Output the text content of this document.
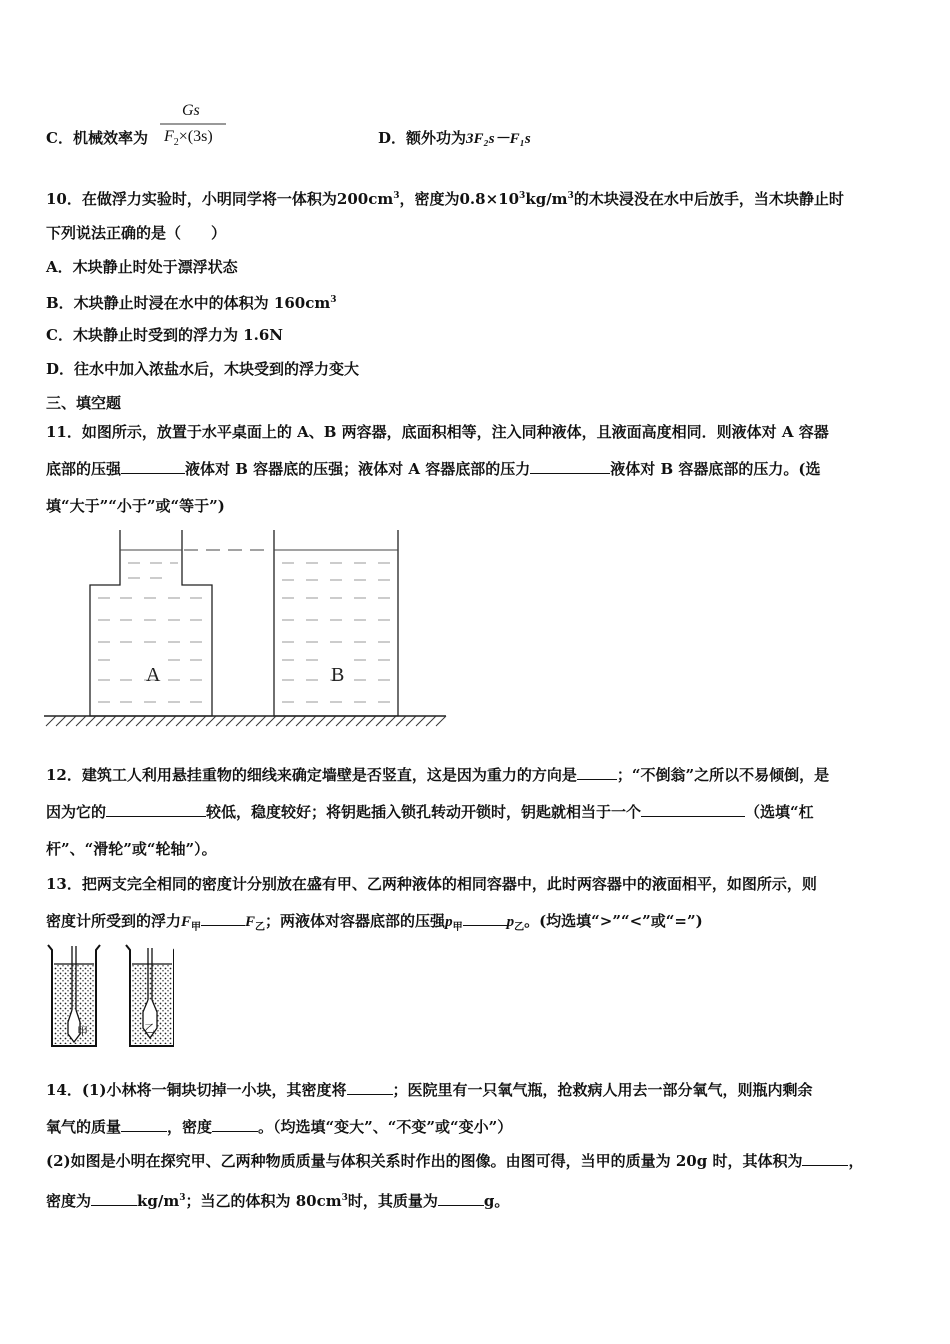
C．机械效率为
Gs
$F_2\times(3s)$	D．额外功为3F₂s－F₁s
10．在做浮力实验时，小明同学将一体积为$200cm^3$，密度为$0.8\times 10^3kg/m^3$的木块浸没在水中后放手，当木块静止时
下列说法正确的是（　　）
A．木块静止时处于漂浮状态
B．木块静止时浸在水中的体积为 $160cm^3$
C．木块静止时受到的浮力为 1.6N
D．往水中加入浓盐水后，木块受到的浮力变大
三、填空题
11．如图所示，放置于水平桌面上的 A、B 两容器，底面积相等，注入同种液体，且液面高度相同．则液体对 A 容器
底部的压强	液体对 B 容器底的压强；液体对 A 容器底部的压力	液体对 B 容器底部的压力。(选
填“大于”“小于”或“等于”)
A	B
12．建筑工人利用悬挂重物的细线来确定墙壁是否竖直，这是因为重力的方向是	；“不倒翁”之所以不易倾倒，是
因为它的	较低，稳度较好；将钥匙插入锁孔转动开锁时，钥匙就相当于一个	（选填“杠
杆”、“滑轮”或“轮轴”）。
13．把两支完全相同的密度计分别放在盛有甲、乙两种液体的相同容器中，此时两容器中的液面相平，如图所示，则
密度计所受到的浮力$F_甲$	$F_乙$；两液体对容器底部的压强$p_甲$	$p_乙$。(均选填“>”“<”或“=”)
甲	乙
14．(1)小林将一铜块切掉一小块，其密度将	；医院里有一只氧气瓶，抢救病人用去一部分氧气，则瓶内剩余
氧气的质量	，密度	。（均选填“变大”、“不变”或“变小”）
(2)如图是小明在探究甲、乙两种物质质量与体积关系时作出的图像。由图可得，当甲的质量为 20g 时，其体积为	，
密度为	$kg/m^3$；当乙的体积为 $80cm^3$时，其质量为	g。
